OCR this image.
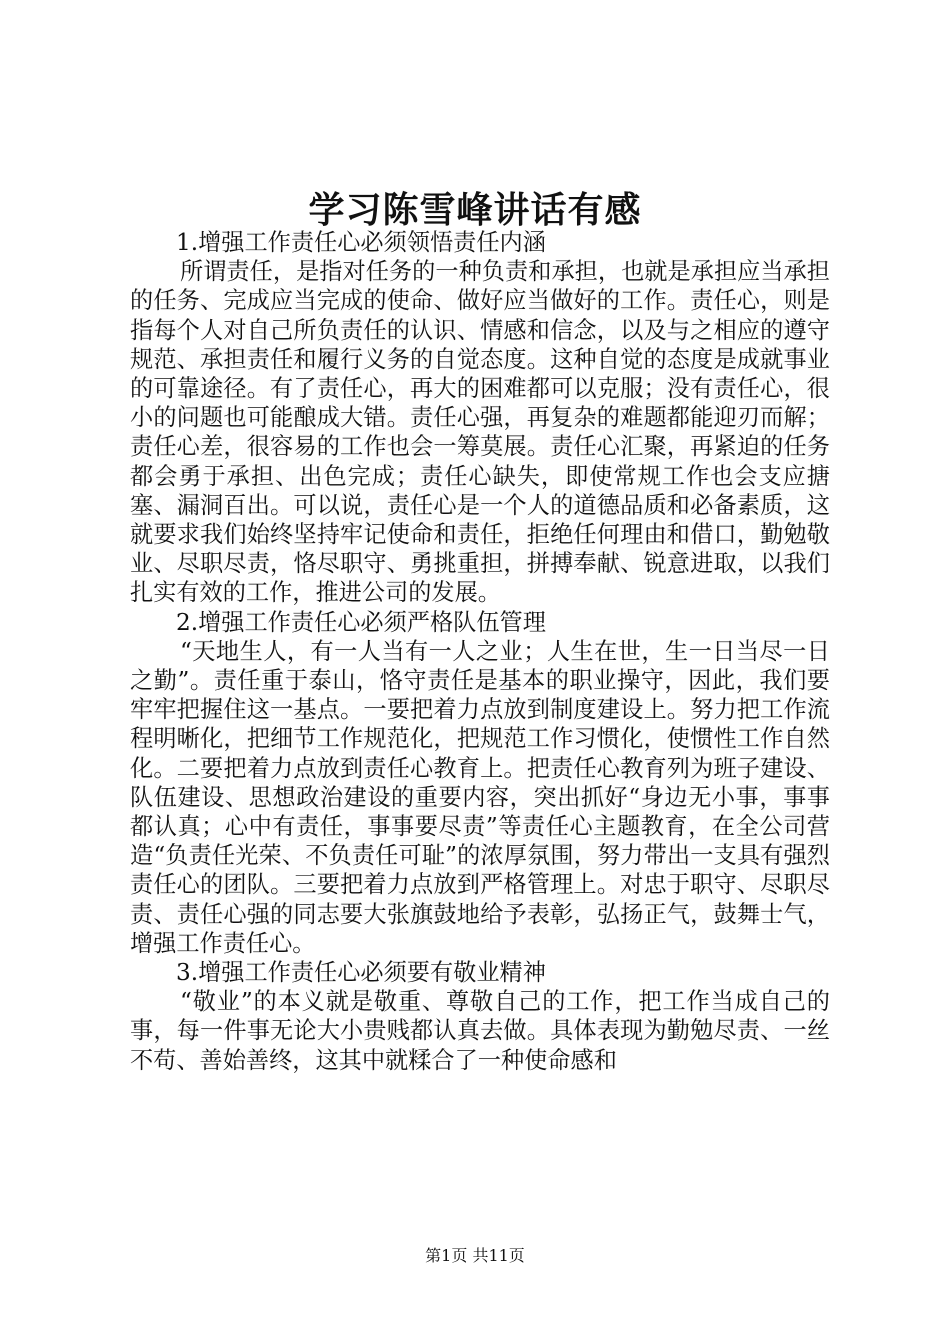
学习陈雪峰讲话有感

1.增强工作责任心必须领悟责任内涵

所谓责任，是指对任务的一种负责和承担，也就是承担应当承担的任务、完成应当完成的使命、做好应当做好的工作。责任心，则是指每个人对自己所负责任的认识、情感和信念，以及与之相应的遵守规范、承担责任和履行义务的自觉态度。这种自觉的态度是成就事业的可靠途径。有了责任心，再大的困难都可以克服；没有责任心，很小的问题也可能酿成大错。责任心强，再复杂的难题都能迎刃而解；责任心差，很容易的工作也会一筹莫展。责任心汇聚，再紧迫的任务都会勇于承担、出色完成；责任心缺失，即使常规工作也会支应搪塞、漏洞百出。可以说，责任心是一个人的道德品质和必备素质，这就要求我们始终坚持牢记使命和责任，拒绝任何理由和借口，勤勉敬业、尽职尽责，恪尽职守、勇挑重担，拼搏奉献、锐意进取，以我们扎实有效的工作，推进公司的发展。

2.增强工作责任心必须严格队伍管理

“天地生人，有一人当有一人之业；人生在世，生一日当尽一日之勤”。责任重于泰山，恪守责任是基本的职业操守，因此，我们要牢牢把握住这一基点。一要把着力点放到制度建设上。努力把工作流程明晰化，把细节工作规范化，把规范工作习惯化，使惯性工作自然化。二要把着力点放到责任心教育上。把责任心教育列为班子建设、队伍建设、思想政治建设的重要内容，突出抓好“身边无小事，事事都认真；心中有责任，事事要尽责”等责任心主题教育，在全公司营造“负责任光荣、不负责任可耻”的浓厚氛围，努力带出一支具有强烈责任心的团队。三要把着力点放到严格管理上。对忠于职守、尽职尽责、责任心强的同志要大张旗鼓地给予表彰，弘扬正气，鼓舞士气，增强工作责任心。

3.增强工作责任心必须要有敬业精神

“敬业”的本义就是敬重、尊敬自己的工作，把工作当成自己的事，每一件事无论大小贵贱都认真去做。具体表现为勤勉尽责、一丝不苟、善始善终，这其中就糅合了一种使命感和

第1页 共11页
